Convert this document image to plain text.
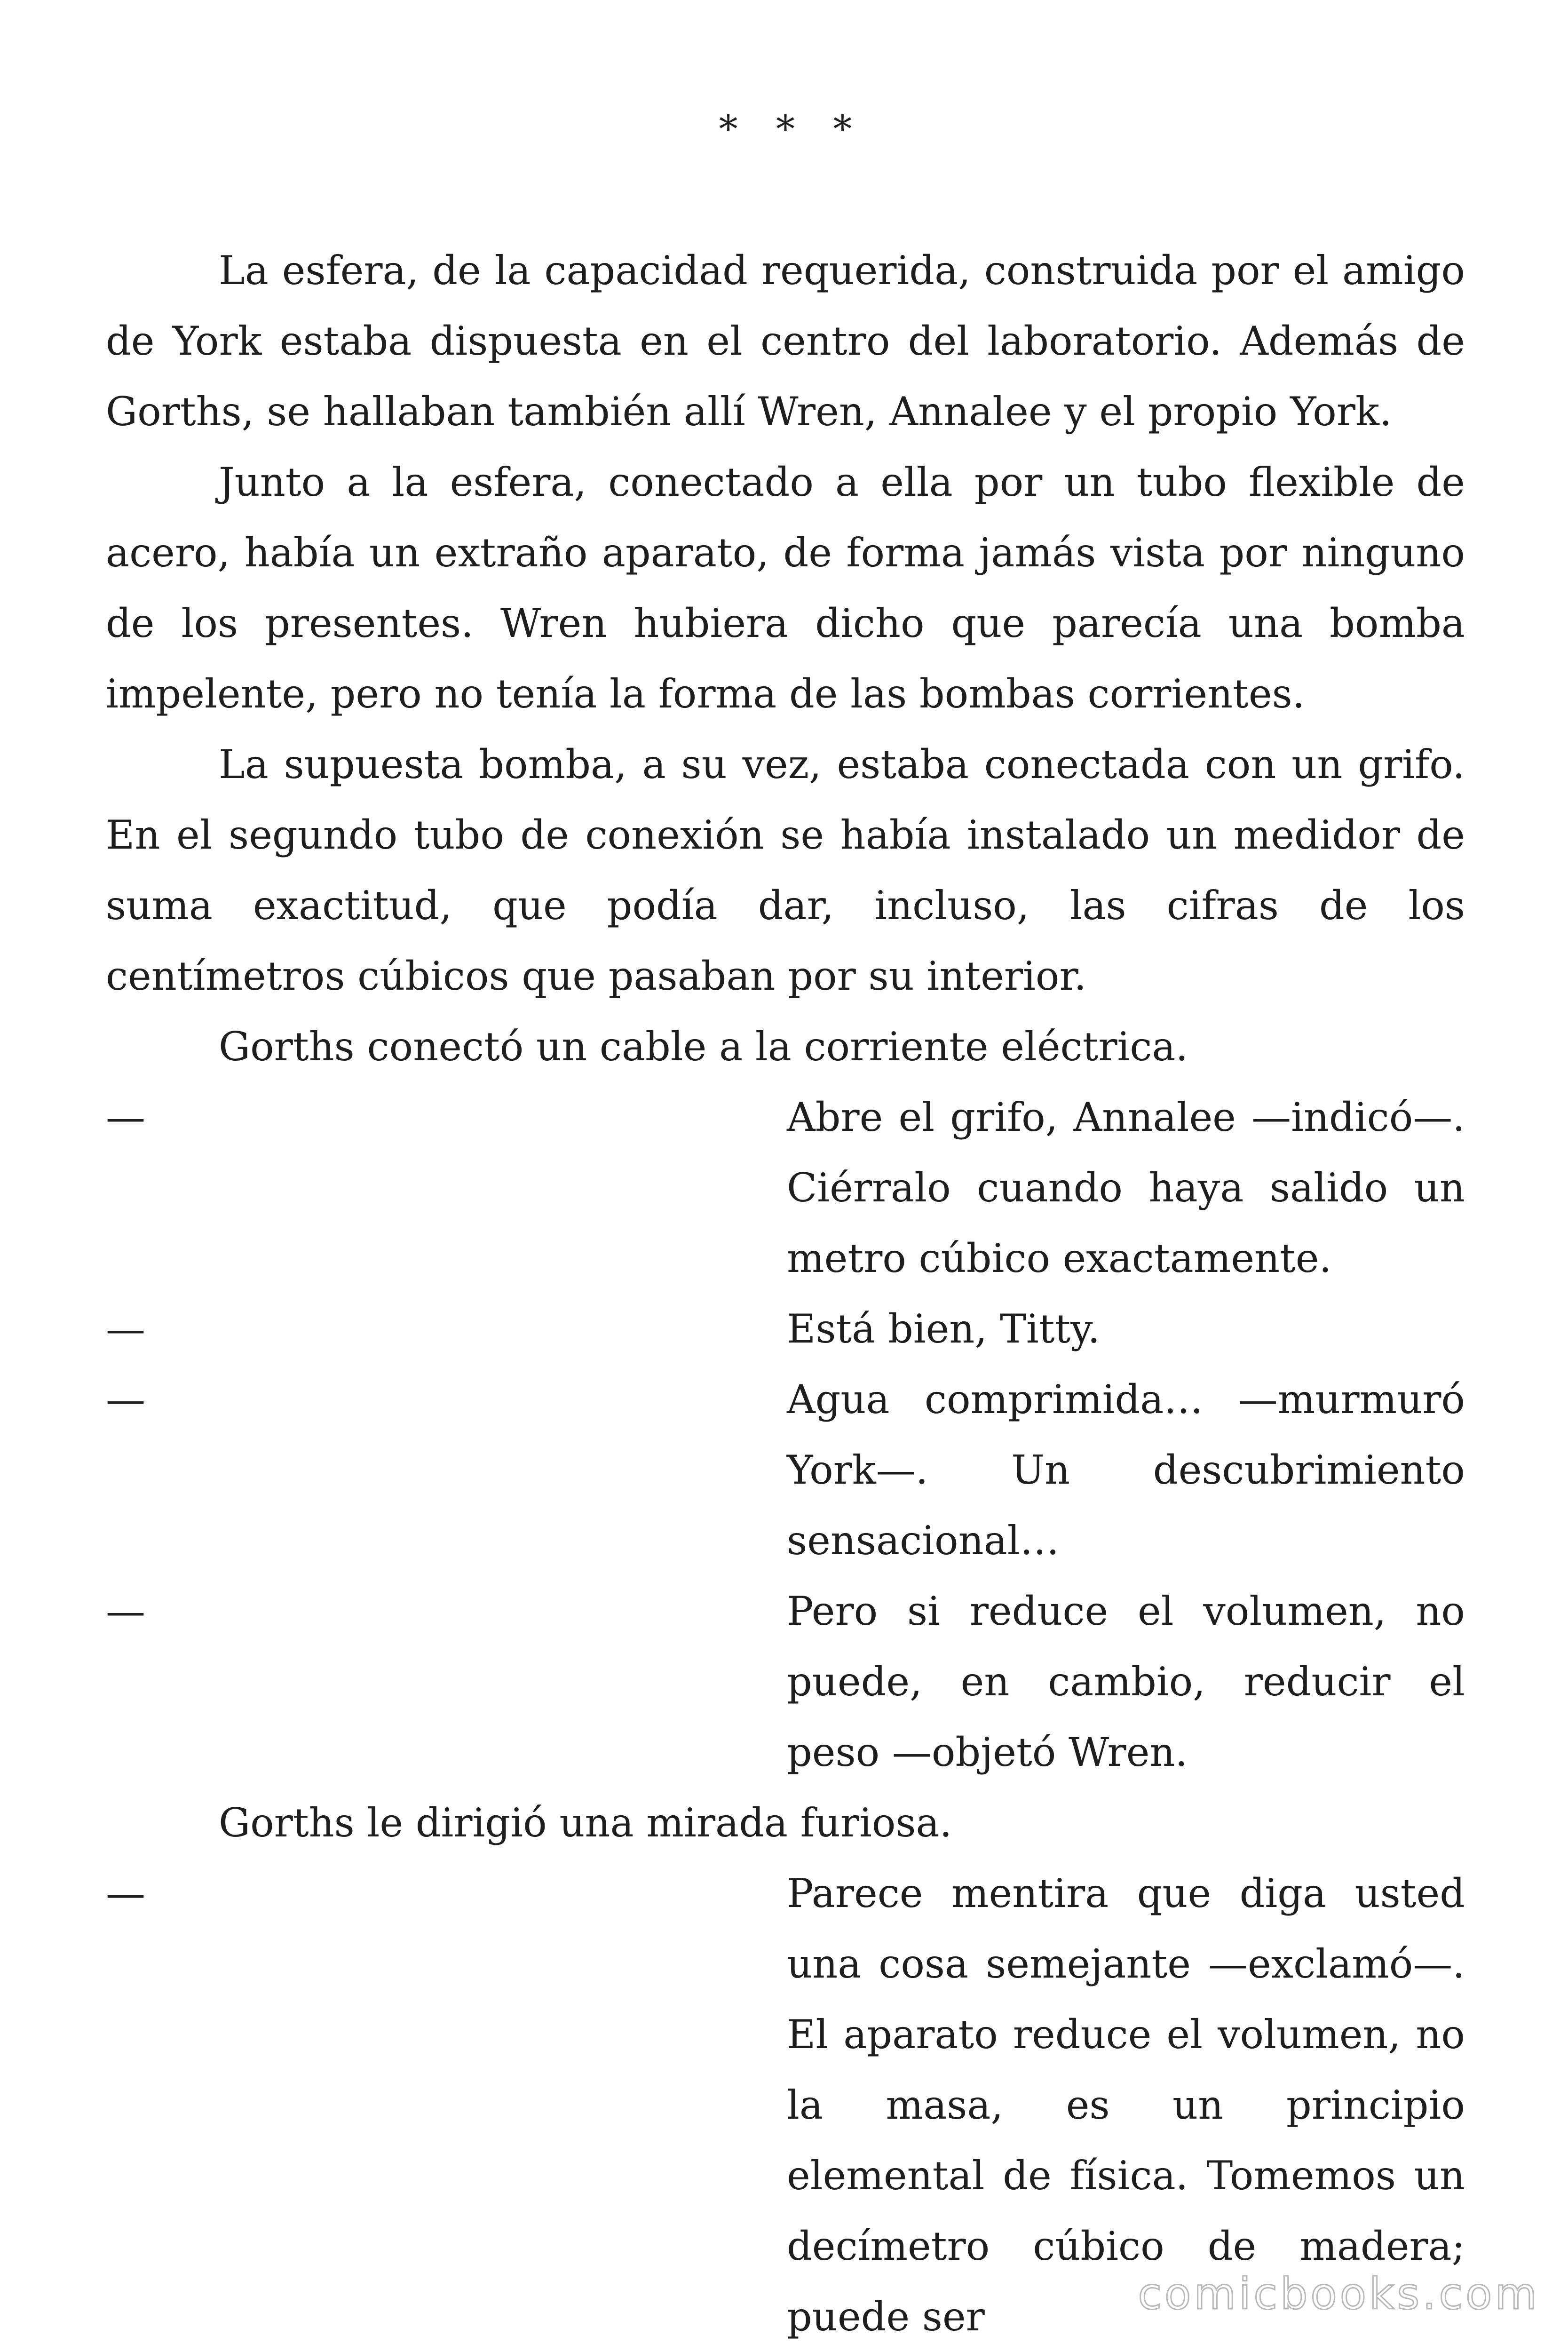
* * *

La esfera, de la capacidad requerida, construida por el amigo de York estaba dispuesta en el centro del laboratorio. Además de Gorths, se hallaban también allí Wren, Annalee y el propio York.

Junto a la esfera, conectado a ella por un tubo flexible de acero, había un extraño aparato, de forma jamás vista por ninguno de los presentes. Wren hubiera dicho que parecía una bomba impelente, pero no tenía la forma de las bombas corrientes.

La supuesta bomba, a su vez, estaba conectada con un grifo. En el segundo tubo de conexión se había instalado un medidor de suma exactitud, que podía dar, incluso, las cifras de los centímetros cúbicos que pasaban por su interior.

Gorths conectó un cable a la corriente eléctrica.

—	Abre el grifo, Annalee —indicó—. Ciérralo cuando haya salido un metro cúbico exactamente.
—	Está bien, Titty.
—	Agua comprimida… —murmuró York—. Un descubrimiento sensacional…
—	Pero si reduce el volumen, no puede, en cambio, reducir el peso —objetó Wren.

Gorths le dirigió una mirada furiosa.

—	Parece mentira que diga usted una cosa semejante —exclamó—. El aparato reduce el volumen, no la masa, es un principio elemental de física. Tomemos un decímetro cúbico de madera; puede ser	comicbooks.com
